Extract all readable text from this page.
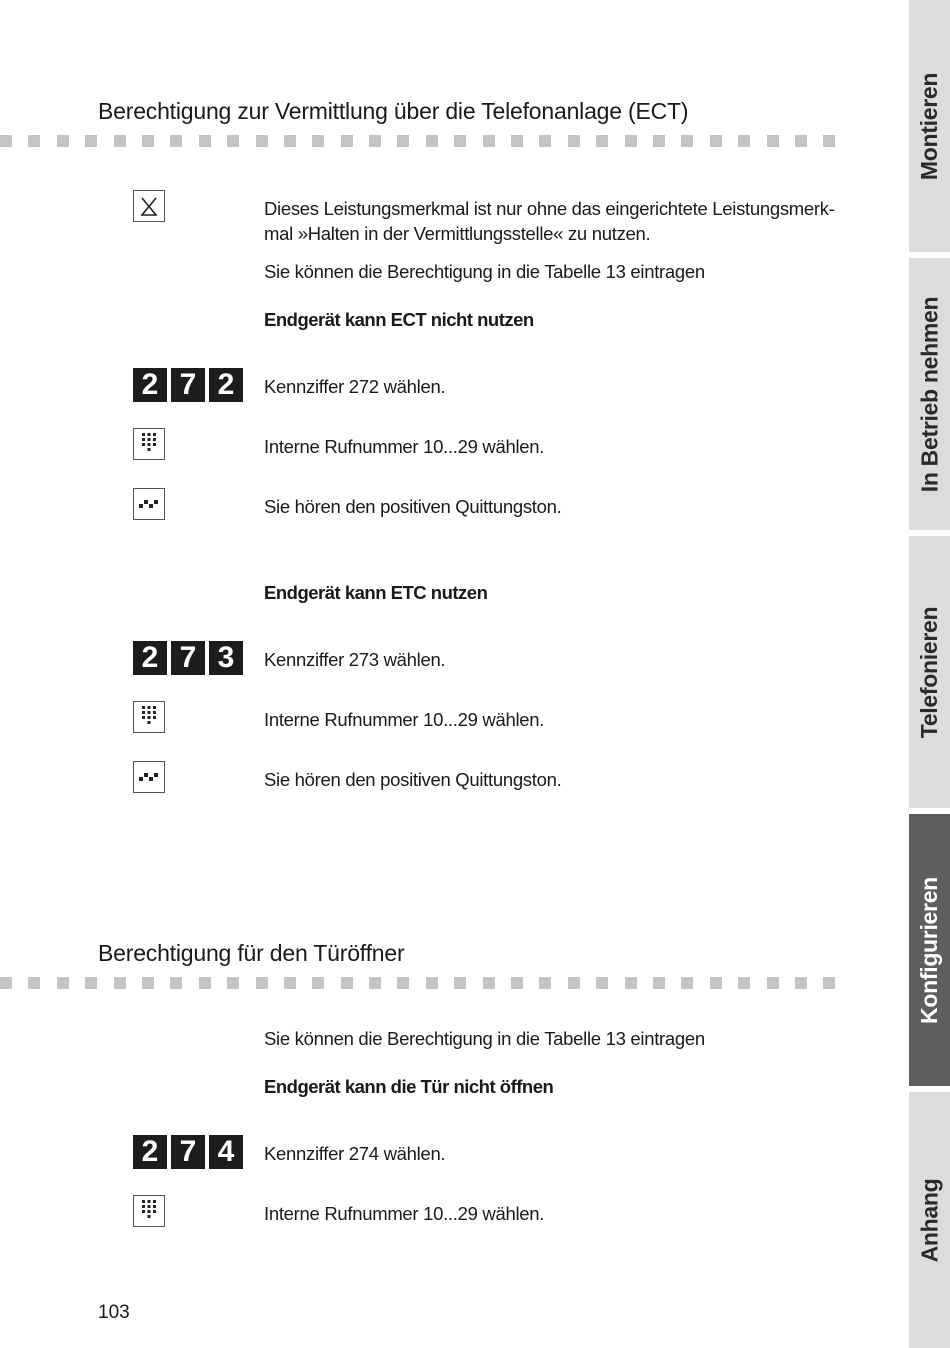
Berechtigung zur Vermittlung über die Telefonanlage (ECT)
Dieses Leistungsmerkmal ist nur ohne das eingerichtete Leistungsmerk-
mal »Halten in der Vermittlungsstelle« zu nutzen.
Sie können die Berechtigung in die Tabelle 13 eintragen
Endgerät kann ECT nicht nutzen
2 7 2	Kennziffer 272 wählen.
Interne Rufnummer 10...29 wählen.
Sie hören den positiven Quittungston.
Endgerät kann ETC nutzen
2 7 3	Kennziffer 273 wählen.
Interne Rufnummer 10...29 wählen.
Sie hören den positiven Quittungston.
Berechtigung für den Türöffner
Sie können die Berechtigung in die Tabelle 13 eintragen
Endgerät kann die Tür nicht öffnen
2 7 4	Kennziffer 274 wählen.
Interne Rufnummer 10...29 wählen.
103
Montieren
In Betrieb nehmen
Telefonieren
Konfigurieren
Anhang
